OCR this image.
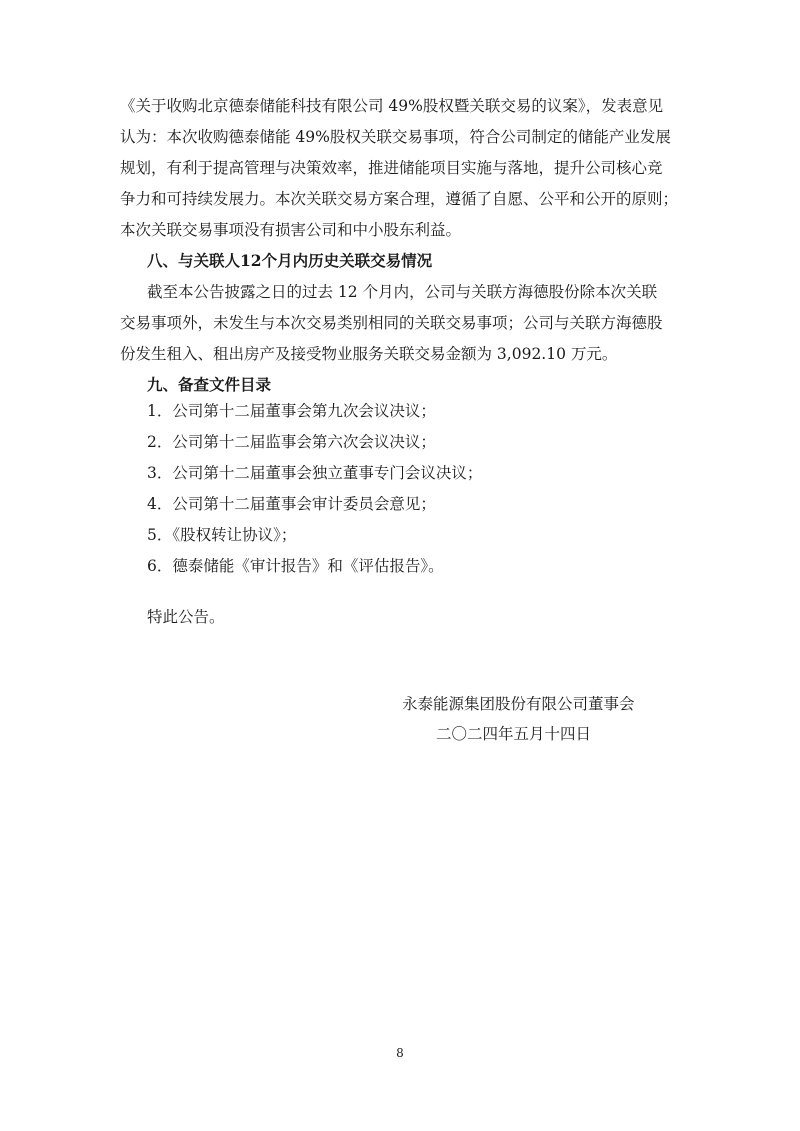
《关于收购北京德泰储能科技有限公司 49%股权暨关联交易的议案》，发表意见
认为：本次收购德泰储能 49%股权关联交易事项，符合公司制定的储能产业发展
规划，有利于提高管理与决策效率，推进储能项目实施与落地，提升公司核心竞
争力和可持续发展力。本次关联交易方案合理，遵循了自愿、公平和公开的原则；
本次关联交易事项没有损害公司和中小股东利益。

八、与关联人12个月内历史关联交易情况

截至本公告披露之日的过去 12 个月内，公司与关联方海德股份除本次关联
交易事项外，未发生与本次交易类别相同的关联交易事项；公司与关联方海德股
份发生租入、租出房产及接受物业服务关联交易金额为 3,092.10 万元。

九、备查文件目录

1．公司第十二届董事会第九次会议决议；
2．公司第十二届监事会第六次会议决议；
3．公司第十二届董事会独立董事专门会议决议；
4．公司第十二届董事会审计委员会意见；
5．《股权转让协议》；
6．德泰储能《审计报告》和《评估报告》。

特此公告。

永泰能源集团股份有限公司董事会

二〇二四年五月十四日

8
